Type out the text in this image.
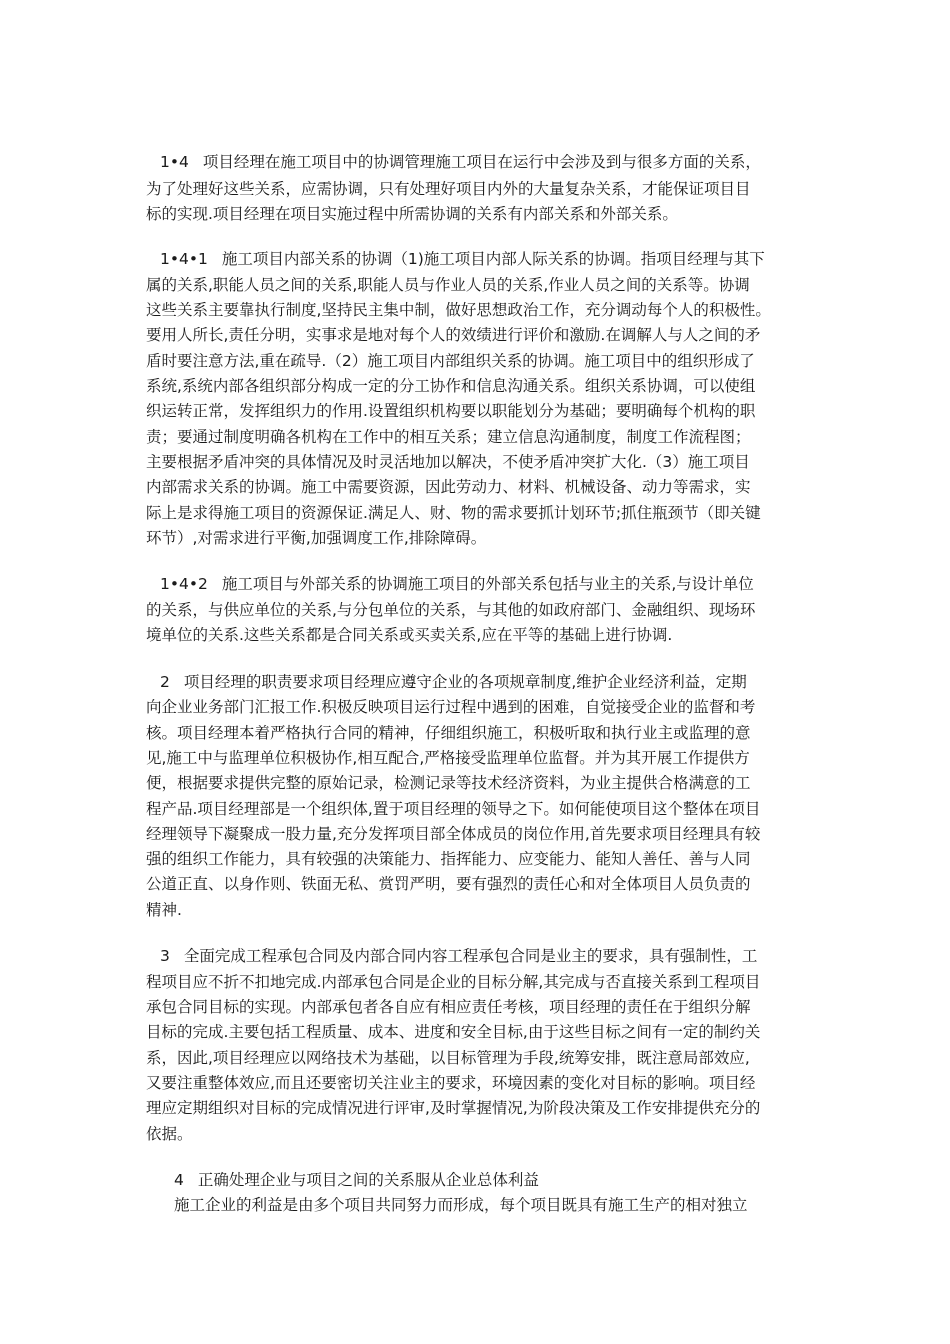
1•4 项目经理在施工项目中的协调管理施工项目在运行中会涉及到与很多方面的关系，
为了处理好这些关系，应需协调，只有处理好项目内外的大量复杂关系，才能保证项目目
标的实现.项目经理在项目实施过程中所需协调的关系有内部关系和外部关系。
1•4•1 施工项目内部关系的协调（1)施工项目内部人际关系的协调。指项目经理与其下
属的关系,职能人员之间的关系,职能人员与作业人员的关系,作业人员之间的关系等。协调
这些关系主要靠执行制度,坚持民主集中制，做好思想政治工作，充分调动每个人的积极性。
要用人所长,责任分明，实事求是地对每个人的效绩进行评价和激励.在调解人与人之间的矛
盾时要注意方法,重在疏导.（2）施工项目内部组织关系的协调。施工项目中的组织形成了
系统,系统内部各组织部分构成一定的分工协作和信息沟通关系。组织关系协调，可以使组
织运转正常，发挥组织力的作用.设置组织机构要以职能划分为基础；要明确每个机构的职
责；要通过制度明确各机构在工作中的相互关系；建立信息沟通制度，制度工作流程图；
主要根据矛盾冲突的具体情况及时灵活地加以解决，不使矛盾冲突扩大化.（3）施工项目
内部需求关系的协调。施工中需要资源，因此劳动力、材料、机械设备、动力等需求，实
际上是求得施工项目的资源保证.满足人、财、物的需求要抓计划环节;抓住瓶颈节（即关键
环节）,对需求进行平衡,加强调度工作,排除障碍。
1•4•2 施工项目与外部关系的协调施工项目的外部关系包括与业主的关系,与设计单位
的关系，与供应单位的关系,与分包单位的关系，与其他的如政府部门、金融组织、现场环
境单位的关系.这些关系都是合同关系或买卖关系,应在平等的基础上进行协调.
2 项目经理的职责要求项目经理应遵守企业的各项规章制度,维护企业经济利益，定期
向企业业务部门汇报工作.积极反映项目运行过程中遇到的困难，自觉接受企业的监督和考
核。项目经理本着严格执行合同的精神，仔细组织施工，积极听取和执行业主或监理的意
见,施工中与监理单位积极协作,相互配合,严格接受监理单位监督。并为其开展工作提供方
便，根据要求提供完整的原始记录，检测记录等技术经济资料，为业主提供合格满意的工
程产品.项目经理部是一个组织体,置于项目经理的领导之下。如何能使项目这个整体在项目
经理领导下凝聚成一股力量,充分发挥项目部全体成员的岗位作用,首先要求项目经理具有较
强的组织工作能力，具有较强的决策能力、指挥能力、应变能力、能知人善任、善与人同
公道正直、以身作则、铁面无私、赏罚严明，要有强烈的责任心和对全体项目人员负责的
精神.
3 全面完成工程承包合同及内部合同内容工程承包合同是业主的要求，具有强制性，工
程项目应不折不扣地完成.内部承包合同是企业的目标分解,其完成与否直接关系到工程项目
承包合同目标的实现。内部承包者各自应有相应责任考核，项目经理的责任在于组织分解
目标的完成.主要包括工程质量、成本、进度和安全目标,由于这些目标之间有一定的制约关
系，因此,项目经理应以网络技术为基础，以目标管理为手段,统筹安排，既注意局部效应,
又要注重整体效应,而且还要密切关注业主的要求，环境因素的变化对目标的影响。项目经
理应定期组织对目标的完成情况进行评审,及时掌握情况,为阶段决策及工作安排提供充分的
依据。
4 正确处理企业与项目之间的关系服从企业总体利益
施工企业的利益是由多个项目共同努力而形成，每个项目既具有施工生产的相对独立
